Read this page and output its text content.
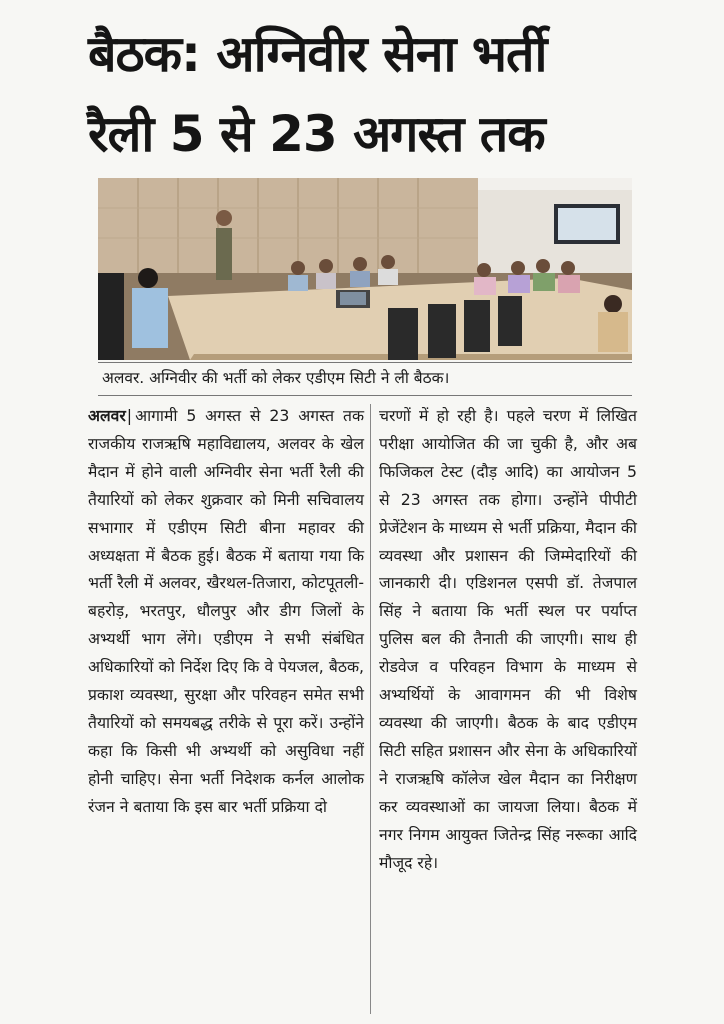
बैठक: अग्निवीर सेना भर्ती
रैली 5 से 23 अगस्त तक
अलवर. अग्निवीर की भर्ती को लेकर एडीएम सिटी ने ली बैठक।
अलवर| आगामी 5 अगस्त से 23 अगस्त तक राजकीय राजऋषि महाविद्यालय, अलवर के खेल मैदान में होने वाली अग्निवीर सेना भर्ती रैली की तैयारियों को लेकर शुक्रवार को मिनी सचिवालय सभागार में एडीएम सिटी बीना महावर की अध्यक्षता में बैठक हुई। बैठक में बताया गया कि भर्ती रैली में अलवर, खैरथल-तिजारा, कोटपूतली-बहरोड़, भरतपुर, धौलपुर और डीग जिलों के अभ्यर्थी भाग लेंगे। एडीएम ने सभी संबंधित अधिकारियों को निर्देश दिए कि वे पेयजल, बैठक, प्रकाश व्यवस्था, सुरक्षा और परिवहन समेत सभी तैयारियों को समयबद्ध तरीके से पूरा करें। उन्होंने कहा कि किसी भी अभ्यर्थी को असुविधा नहीं होनी चाहिए। सेना भर्ती निदेशक कर्नल आलोक रंजन ने बताया कि इस बार भर्ती प्रक्रिया दो
चरणों में हो रही है। पहले चरण में लिखित परीक्षा आयोजित की जा चुकी है, और अब फिजिकल टेस्ट (दौड़ आदि) का आयोजन 5 से 23 अगस्त तक होगा। उन्होंने पीपीटी प्रेजेंटेशन के माध्यम से भर्ती प्रक्रिया, मैदान की व्यवस्था और प्रशासन की जिम्मेदारियों की जानकारी दी। एडिशनल एसपी डॉ. तेजपाल सिंह ने बताया कि भर्ती स्थल पर पर्याप्त पुलिस बल की तैनाती की जाएगी। साथ ही रोडवेज व परिवहन विभाग के माध्यम से अभ्यर्थियों के आवागमन की भी विशेष व्यवस्था की जाएगी। बैठक के बाद एडीएम सिटी सहित प्रशासन और सेना के अधिकारियों ने राजऋषि कॉलेज खेल मैदान का निरीक्षण कर व्यवस्थाओं का जायजा लिया। बैठक में नगर निगम आयुक्त जितेन्द्र सिंह नरूका आदि मौजूद रहे।
